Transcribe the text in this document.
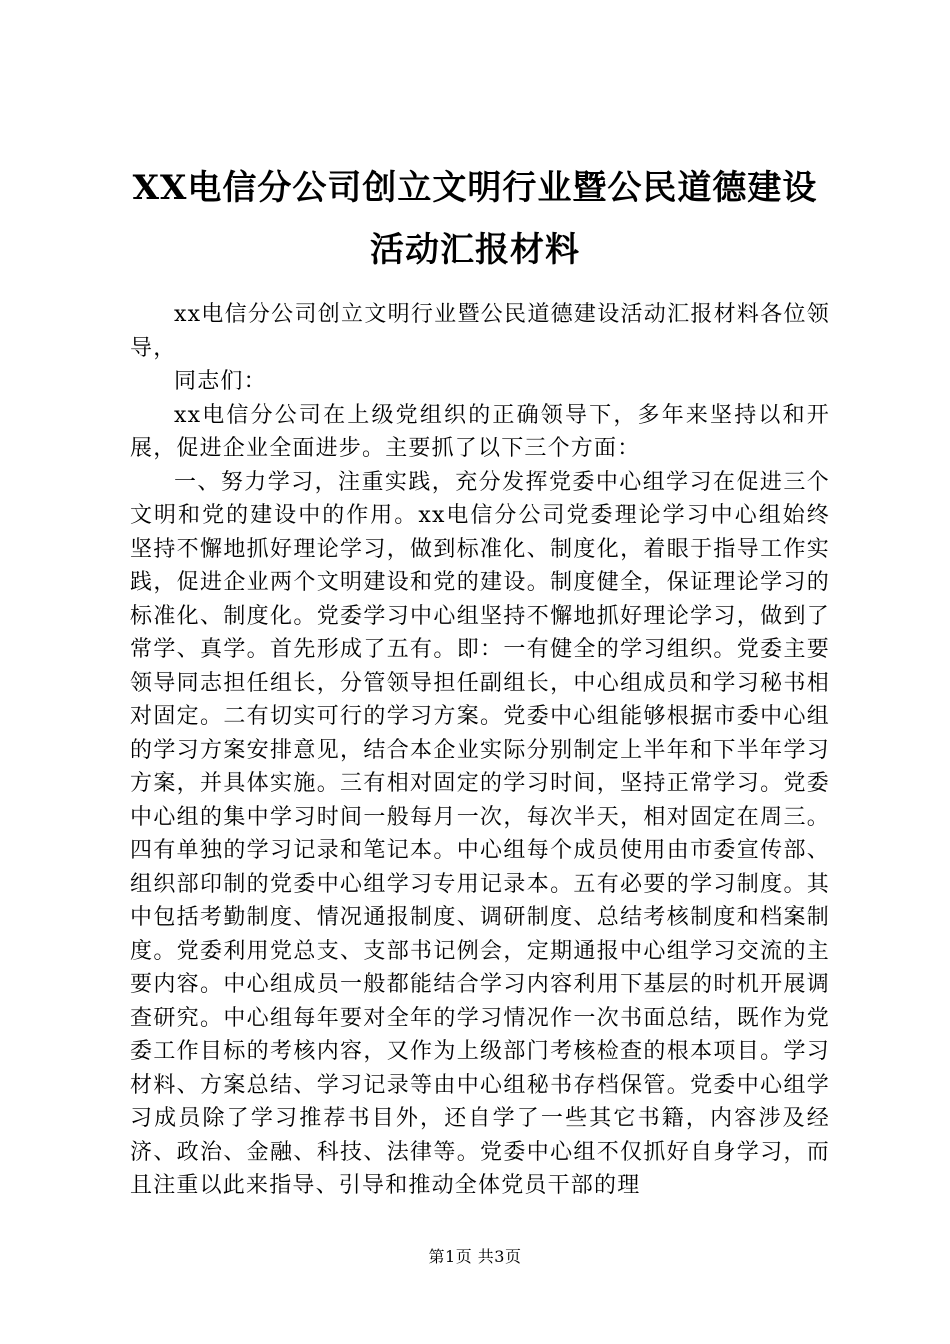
XX电信分公司创立文明行业暨公民道德建设
活动汇报材料

xx电信分公司创立文明行业暨公民道德建设活动汇报材料各位领导，

同志们：

xx电信分公司在上级党组织的正确领导下，多年来坚持以和开展，促进企业全面进步。主要抓了以下三个方面：

一、努力学习，注重实践，充分发挥党委中心组学习在促进三个文明和党的建设中的作用。xx电信分公司党委理论学习中心组始终坚持不懈地抓好理论学习，做到标准化、制度化，着眼于指导工作实践，促进企业两个文明建设和党的建设。制度健全，保证理论学习的标准化、制度化。党委学习中心组坚持不懈地抓好理论学习，做到了常学、真学。首先形成了五有。即：一有健全的学习组织。党委主要领导同志担任组长，分管领导担任副组长，中心组成员和学习秘书相对固定。二有切实可行的学习方案。党委中心组能够根据市委中心组的学习方案安排意见，结合本企业实际分别制定上半年和下半年学习方案，并具体实施。三有相对固定的学习时间，坚持正常学习。党委中心组的集中学习时间一般每月一次，每次半天，相对固定在周三。四有单独的学习记录和笔记本。中心组每个成员使用由市委宣传部、组织部印制的党委中心组学习专用记录本。五有必要的学习制度。其中包括考勤制度、情况通报制度、调研制度、总结考核制度和档案制度。党委利用党总支、支部书记例会，定期通报中心组学习交流的主要内容。中心组成员一般都能结合学习内容利用下基层的时机开展调查研究。中心组每年要对全年的学习情况作一次书面总结，既作为党委工作目标的考核内容，又作为上级部门考核检查的根本项目。学习材料、方案总结、学习记录等由中心组秘书存档保管。党委中心组学习成员除了学习推荐书目外，还自学了一些其它书籍，内容涉及经济、政治、金融、科技、法律等。党委中心组不仅抓好自身学习，而且注重以此来指导、引导和推动全体党员干部的理

第1页 共3页
